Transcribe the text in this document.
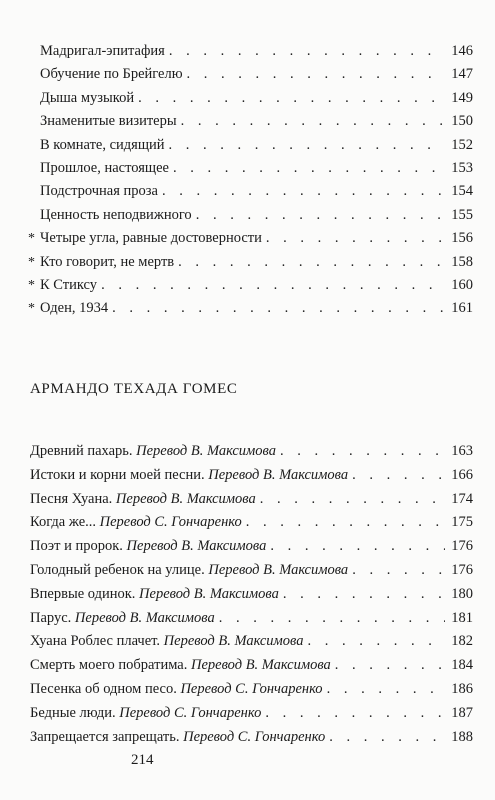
Мадригал-эпитафия . . .	146
Обучение по Брейгелю . . .	147
Дыша музыкой . . .	149
Знаменитые визитеры . . .	150
В комнате, сидящий . . .	152
Прошлое, настоящее . . .	153
Подстрочная проза . . .	154
Ценность неподвижного . . .	155
* Четыре угла, равные достоверности . . .	156
* Кто говорит, не мертв . . .	158
* К Стиксу . . .	160
* Оден, 1934 . . .	161
АРМАНДО ТЕХАДА ГОМЕС
Древний пахарь. Перевод В. Максимова . . .	163
Истоки и корни моей песни. Перевод В. Максимова . . .	166
Песня Хуана. Перевод В. Максимова . . .	174
Когда же... Перевод С. Гончаренко . . .	175
Поэт и пророк. Перевод В. Максимова . . .	176
Голодный ребенок на улице. Перевод В. Максимова . . .	176
Впервые одинок. Перевод В. Максимова . . .	180
Парус. Перевод В. Максимова . . .	181
Хуана Роблес плачет. Перевод В. Максимова . . .	182
Смерть моего побратима. Перевод В. Максимова . . .	184
Песенка об одном песо. Перевод С. Гончаренко . . .	186
Бедные люди. Перевод С. Гончаренко . . .	187
Запрещается запрещать. Перевод С. Гончаренко . . .	188
214
